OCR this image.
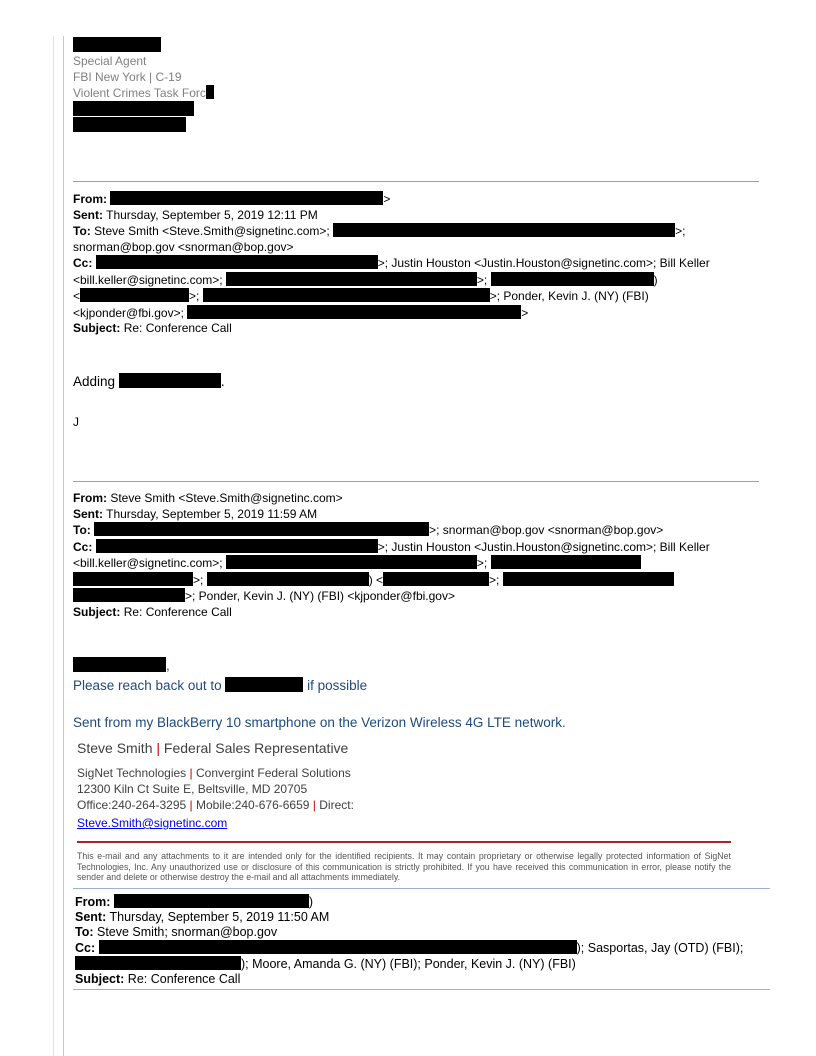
Special Agent
FBI New York | C-19
Violent Crimes Task Forc
From:	>
Sent: Thursday, September 5, 2019 12:11 PM
To: Steve Smith <Steve.Smith@signetinc.com>;	>;
snorman@bop.gov <snorman@bop.gov>
Cc:	>; Justin Houston <Justin.Houston@signetinc.com>; Bill Keller
<bill.keller@signetinc.com>;	>;	)
<	>;	>; Ponder, Kevin J. (NY) (FBI)
<kjponder@fbi.gov>;	>
Subject: Re: Conference Call
Adding	.
J
From: Steve Smith <Steve.Smith@signetinc.com>
Sent: Thursday, September 5, 2019 11:59 AM
To:	>; snorman@bop.gov <snorman@bop.gov>
Cc:	>; Justin Houston <Justin.Houston@signetinc.com>; Bill Keller
<bill.keller@signetinc.com>;	>;
>;	) <	>;
>; Ponder, Kevin J. (NY) (FBI) <kjponder@fbi.gov>
Subject: Re: Conference Call
,
Please reach back out to	if possible
Sent from my BlackBerry 10 smartphone on the Verizon Wireless 4G LTE network.
Steve Smith | Federal Sales Representative
SigNet Technologies | Convergint Federal Solutions
12300 Kiln Ct Suite E, Beltsville, MD 20705
Office:240-264-3295 | Mobile:240-676-6659 | Direct:
Steve.Smith@signetinc.com
This e-mail and any attachments to it are intended only for the identified recipients. It may contain proprietary or otherwise legally protected information of SigNet Technologies, Inc. Any unauthorized use or disclosure of this communication is strictly prohibited. If you have received this communication in error, please notify the sender and delete or otherwise destroy the e-mail and all attachments immediately.
From:	)
Sent: Thursday, September 5, 2019 11:50 AM
To: Steve Smith; snorman@bop.gov
Cc:	); Sasportas, Jay (OTD) (FBI);
); Moore, Amanda G. (NY) (FBI); Ponder, Kevin J. (NY) (FBI)
Subject: Re: Conference Call
